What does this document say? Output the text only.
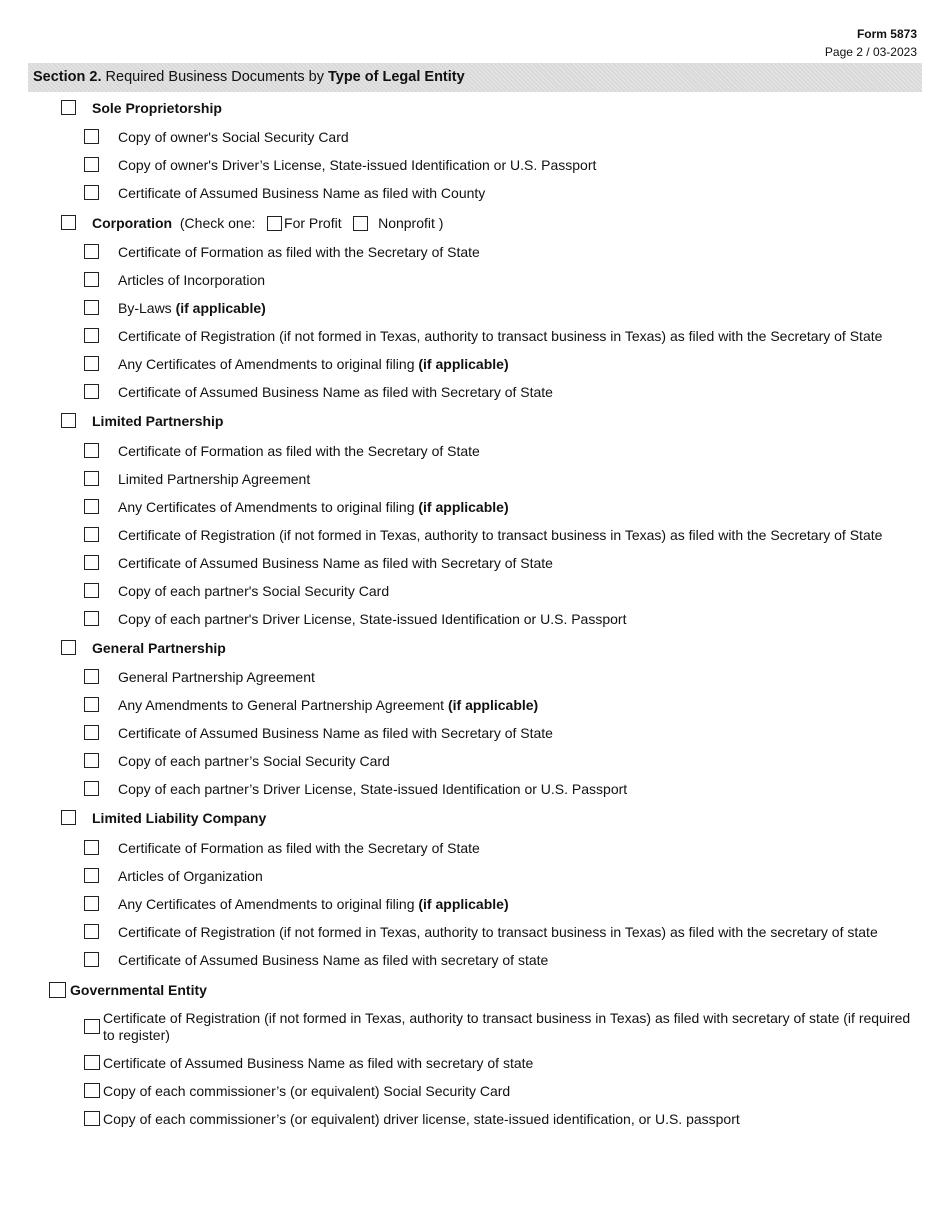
Form 5873
Page 2 / 03-2023
Section 2. Required Business Documents by Type of Legal Entity
Sole Proprietorship
Copy of owner's Social Security Card
Copy of owner's Driver’s License, State-issued Identification or U.S. Passport
Certificate of Assumed Business Name as filed with County
Corporation (Check one: For Profit	Nonprofit )
Certificate of Formation as filed with the Secretary of State
Articles of Incorporation
By-Laws (if applicable)
Certificate of Registration (if not formed in Texas, authority to transact business in Texas) as filed with the Secretary of State
Any Certificates of Amendments to original filing (if applicable)
Certificate of Assumed Business Name as filed with Secretary of State
Limited Partnership
Certificate of Formation as filed with the Secretary of State
Limited Partnership Agreement
Any Certificates of Amendments to original filing (if applicable)
Certificate of Registration (if not formed in Texas, authority to transact business in Texas) as filed with the Secretary of State
Certificate of Assumed Business Name as filed with Secretary of State
Copy of each partner's Social Security Card
Copy of each partner's Driver License, State-issued Identification or U.S. Passport
General Partnership
General Partnership Agreement
Any Amendments to General Partnership Agreement (if applicable)
Certificate of Assumed Business Name as filed with Secretary of State
Copy of each partner’s Social Security Card
Copy of each partner’s Driver License, State-issued Identification or U.S. Passport
Limited Liability Company
Certificate of Formation as filed with the Secretary of State
Articles of Organization
Any Certificates of Amendments to original filing (if applicable)
Certificate of Registration (if not formed in Texas, authority to transact business in Texas) as filed with the secretary of state
Certificate of Assumed Business Name as filed with secretary of state
Governmental Entity
Certificate of Registration (if not formed in Texas, authority to transact business in Texas) as filed with secretary of state (if required to register)
Certificate of Assumed Business Name as filed with secretary of state
Copy of each commissioner’s (or equivalent) Social Security Card
Copy of each commissioner’s (or equivalent) driver license, state-issued identification, or U.S. passport
